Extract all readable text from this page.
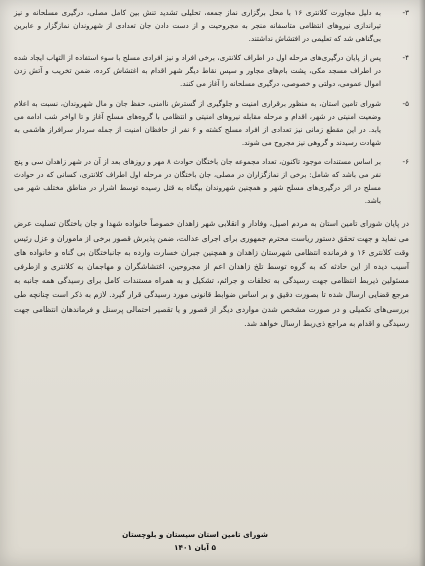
۳-
به دلیل مجاورت کلانتری ۱۶ با محل برگزاری نماز جمعه، تحلیلی تشدید تنش بین کامل مصلی، درگیری مسلحانه و نیز تیراندازی نیروهای انتظامی متاسفانه منجر به مجروحیت و از دست دادن جان تعدادی از شهروندان نمازگزار و عابرین بی‌گناهی شد که تعلیمی در افتشاش نداشتند.
۴-
پس از پایان درگیری‌های مرحله اول در اطراف کلانتری، برخی افراد و نیز افرادی مسلح با سوء استفاده از التهاب ایجاد شده در اطراف مسجد مکی، پشت بام‌های مجاور و سپس نقاط دیگر شهر اقدام به اغتشاش کرده، ضمن تخریب و آتش زدن اموال عمومی، دولتی و خصوصی، درگیری مسلحانه را آغاز می کنند.
۵-
شورای تامین استان، به منظور برقراری امنیت و جلوگیری از گسترش ناامنی، حفظ جان و مال شهروندان، نسبت به اعلام وضعیت امنیتی در شهر، اقدام و مرحله مقابله نیروهای امنیتی و انتظامی با گروه‌های مسلح آغاز و تا اواخر شب ادامه می یابد. در این مقطع زمانی نیز تعدادی از افراد مسلح کشته و ۶ نفر از حافظان امنیت از جمله سردار سرافراز هاشمی به شهادت رسیدند و گروهی نیز مجروح می شوند.
۶-
بر اساس مستندات موجود تاکنون، تعداد مجموعه جان باختگان حوادث ۸ مهر و روزهای بعد از آن در شهر زاهدان سی و پنج نفر می باشد که شامل: برخی از نمازگزاران در مصلی، جان باختگان در مرحله اول اطراف کلانتری، کسانی که در حوادث مسلح در اثر درگیری‌های مسلح شهر و همچنین شهروندان بیگناه به قتل رسیده توسط اشرار در مناطق مختلف شهر می باشد.
در پایان شورای تامین استان به مردم اصیل، وفادار و انقلابی شهر زاهدان خصوصاً خانواده شهدا و جان باختگان تسلیت عرض می نماید و جهت تحقق دستور ریاست محترم جمهوری برای اجرای عدالت، ضمن پذیرش قصور برخی از ماموران و عزل رئیس وقت کلانتری ۱۶ و فرمانده انتظامی شهرستان زاهدان و همچنین جبران خسارت وارده به جانباختگان بی گناه و خانواده های آسیب دیده از این حادثه که به گروه توسط تلخ زاهدان اعم از مجروحین، اغتشاشگران و مهاجمان به کلانتری و ازطرفی مسئولین ذیربط انتظامی جهت رسیدگی به تخلفات و جرائم، تشکیل و به همراه مستندات کامل برای رسیدگی همه جانبه به مرجع قضایی ارسال شده تا بصورت دقیق و بر اساس ضوابط قانونی مورد رسیدگی قرار گیرد. لازم به ذکر است چنانچه طی بررسی‌های تکمیلی و در صورت مشخص شدن مواردی دیگر از قصور و یا تقصیر احتمالی پرسنل و فرماندهان انتظامی جهت رسیدگی و اقدام به مراجع ذی‌ربط ارسال خواهد شد.
شورای تامین استان سیستان و بلوچستان
۵ آبان ۱۴۰۱
